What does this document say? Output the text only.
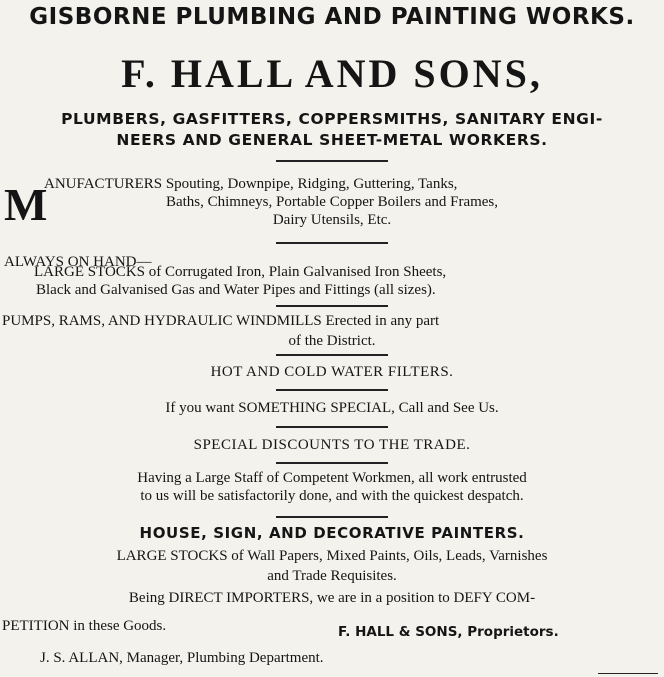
GISBORNE PLUMBING AND PAINTING WORKS.
F. HALL AND SONS,
PLUMBERS, GASFITTERS, COPPERSMITHS, SANITARY ENGI-
NEERS AND GENERAL SHEET-METAL WORKERS.
M
ANUFACTURERS Spouting, Downpipe, Ridging, Guttering, Tanks,
Baths, Chimneys, Portable Copper Boilers and Frames,
Dairy Utensils, Etc.
ALWAYS ON HAND—
LARGE STOCKS of Corrugated Iron, Plain Galvanised Iron Sheets,
Black and Galvanised Gas and Water Pipes and Fittings (all sizes).
PUMPS, RAMS, AND HYDRAULIC WINDMILLS Erected in any part
of the District.
HOT AND COLD WATER FILTERS.
If you want SOMETHING SPECIAL, Call and See Us.
SPECIAL DISCOUNTS TO THE TRADE.
Having a Large Staff of Competent Workmen, all work entrusted
to us will be satisfactorily done, and with the quickest despatch.
HOUSE, SIGN, AND DECORATIVE PAINTERS.
LARGE STOCKS of Wall Papers, Mixed Paints, Oils, Leads, Varnishes
and Trade Requisites.
Being DIRECT IMPORTERS, we are in a position to DEFY COM-
PETITION in these Goods.	F. HALL & SONS, Proprietors.
J. S. ALLAN, Manager, Plumbing Department.
